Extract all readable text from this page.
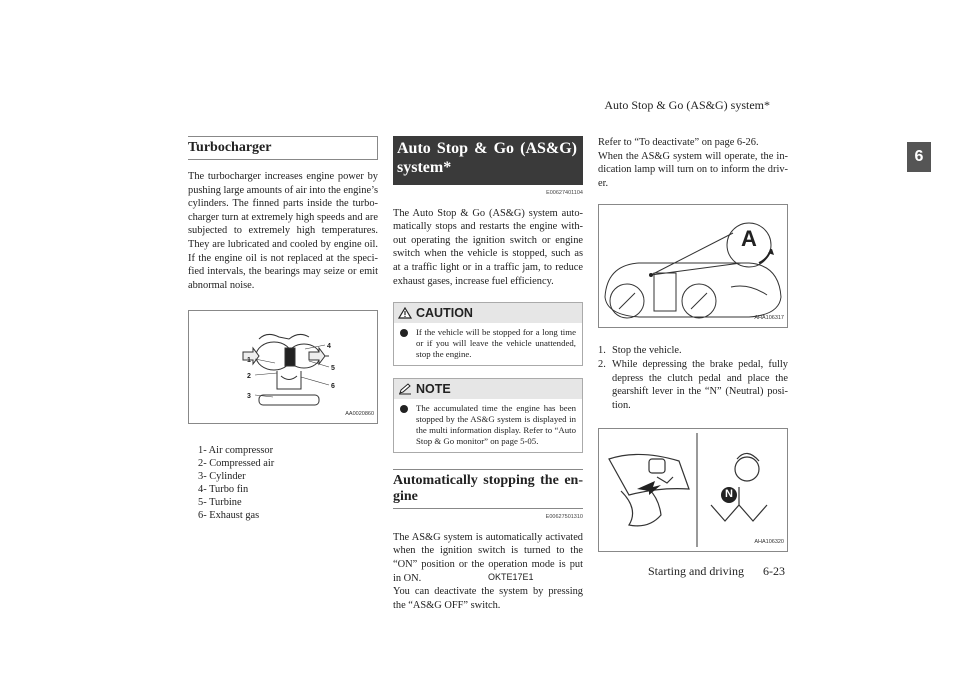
Auto Stop & Go (AS&G) system*
6
Turbocharger

The turbocharger increases engine power by pushing large amounts of air into the engine’s cylinders. The finned parts inside the turbocharger turn at extremely high speeds and are subjected to extremely high temperatures. They are lubricated and cooled by engine oil. If the engine oil is not replaced at the specified intervals, the bearings may seize or emit abnormal noise.

1
2
3
4
5
6
AA0020860
1- Air compressor
2- Compressed air
3- Cylinder
4- Turbo fin
5- Turbine
6- Exhaust gas
Auto Stop & Go (AS&G) system*
E00627401104

The Auto Stop & Go (AS&G) system automatically stops and restarts the engine without operating the ignition switch or engine switch when the vehicle is stopped, such as at a traffic light or in a traffic jam, to reduce exhaust gases, increase fuel efficiency.

CAUTION
If the vehicle will be stopped for a long time or if you will leave the vehicle unattended, stop the engine.
NOTE
The accumulated time the engine has been stopped by the AS&G system is displayed in the multi information display. Refer to “Auto Stop & Go monitor” on page 5-05.
Automatically stopping the engine
E00627501310

The AS&G system is automatically activated when the ignition switch is turned to the “ON” position or the operation mode is put in ON.

You can deactivate the system by pressing the “AS&G OFF” switch.

Refer to “To deactivate” on page 6-26.

When the AS&G system will operate, the indication lamp will turn on to inform the driver.

A
AHA106317
1. Stop the vehicle.
2. While depressing the brake pedal, fully depress the clutch pedal and place the gearshift lever in the “N” (Neutral) position.
N
AHA106320
OKTE17E1	Starting and driving 6-23
